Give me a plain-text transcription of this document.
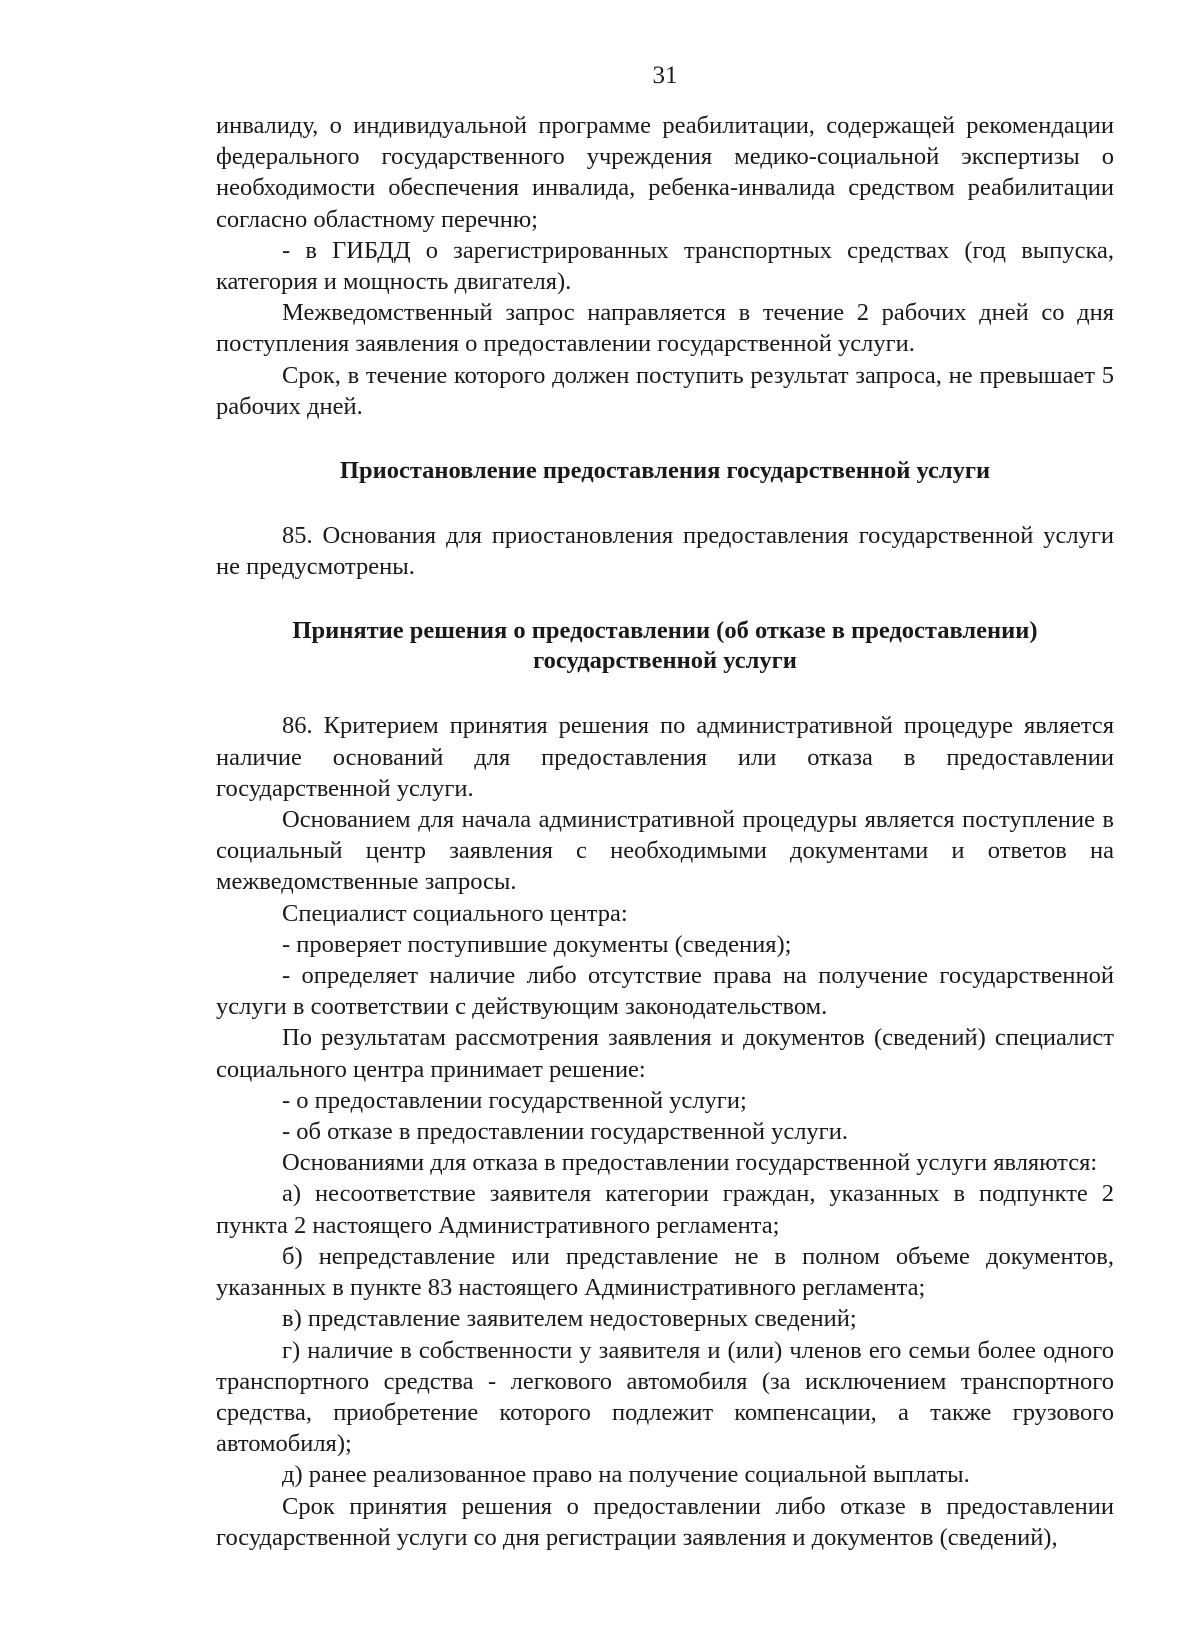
31

инвалиду, о индивидуальной программе реабилитации, содержащей рекомендации федерального государственного учреждения медико-социальной экспертизы о необходимости обеспечения инвалида, ребенка-инвалида средством реабилитации согласно областному перечню;

- в ГИБДД о зарегистрированных транспортных средствах (год выпуска, категория и мощность двигателя).

Межведомственный запрос направляется в течение 2 рабочих дней со дня поступления заявления о предоставлении государственной услуги.

Срок, в течение которого должен поступить результат запроса, не превышает 5 рабочих дней.

Приостановление предоставления государственной услуги

85. Основания для приостановления предоставления государственной услуги не предусмотрены.

Принятие решения о предоставлении (об отказе в предоставлении)
государственной услуги

86. Критерием принятия решения по административной процедуре является наличие оснований для предоставления или отказа в предоставлении государственной услуги.

Основанием для начала административной процедуры является поступление в социальный центр заявления с необходимыми документами и ответов на межведомственные запросы.

Специалист социального центра:

- проверяет поступившие документы (сведения);

- определяет наличие либо отсутствие права на получение государственной услуги в соответствии с действующим законодательством.

По результатам рассмотрения заявления и документов (сведений) специалист социального центра принимает решение:

- о предоставлении государственной услуги;

- об отказе в предоставлении государственной услуги.

Основаниями для отказа в предоставлении государственной услуги являются:

а) несоответствие заявителя категории граждан, указанных в подпункте 2 пункта 2 настоящего Административного регламента;

б) непредставление или представление не в полном объеме документов, указанных в пункте 83 настоящего Административного регламента;

в) представление заявителем недостоверных сведений;

г) наличие в собственности у заявителя и (или) членов его семьи более одного транспортного средства - легкового автомобиля (за исключением транспортного средства, приобретение которого подлежит компенсации, а также грузового автомобиля);

д) ранее реализованное право на получение социальной выплаты.

Срок принятия решения о предоставлении либо отказе в предоставлении государственной услуги со дня регистрации заявления и документов (сведений),
